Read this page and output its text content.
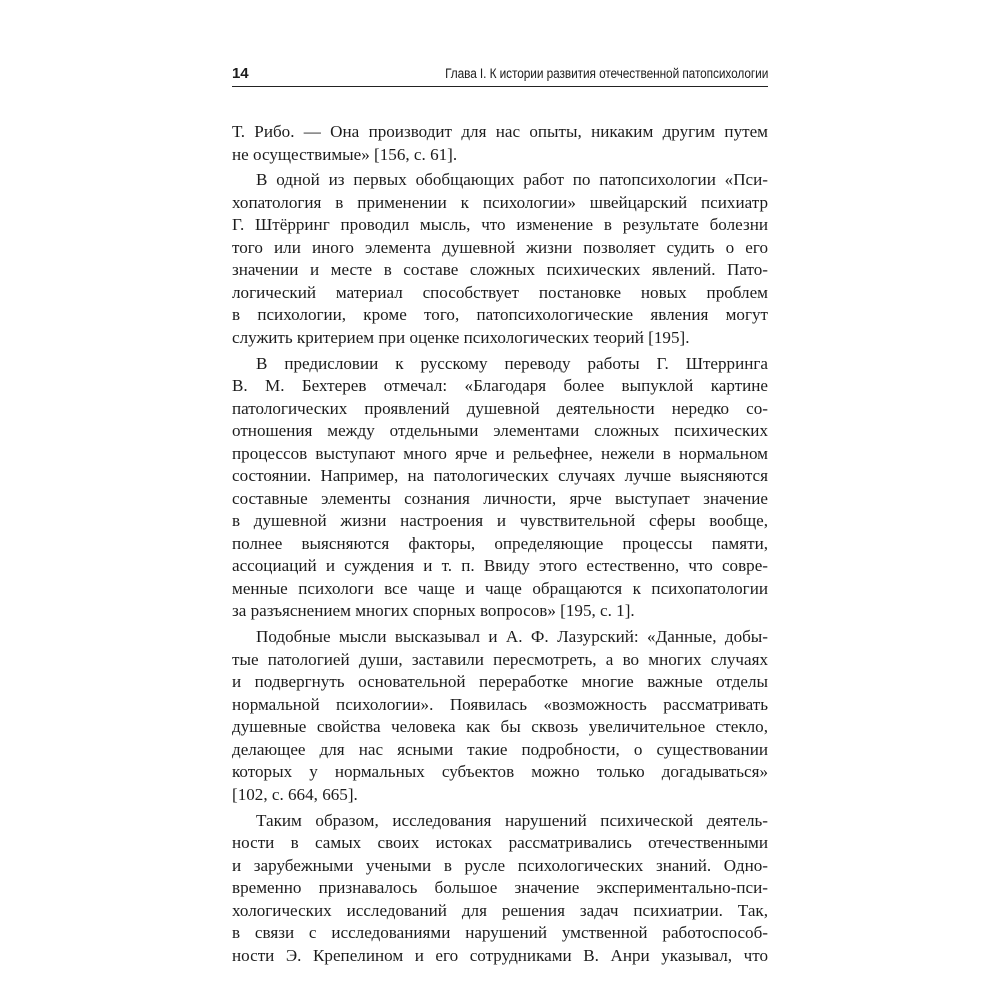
14	Глава I. К истории развития отечественной патопсихологии
Т. Рибо. — Она производит для нас опыты, никаким другим путем
не осуществимые» [156, с. 61].
В одной из первых обобщающих работ по патопсихологии «Пси-
хопатология в применении к психологии» швейцарский психиатр
Г. Штёрринг проводил мысль, что изменение в результате болезни
того или иного элемента душевной жизни позволяет судить о его
значении и месте в составе сложных психических явлений. Пато-
логический материал способствует постановке новых проблем
в психологии, кроме того, патопсихологические явления могут
служить критерием при оценке психологических теорий [195].
В предисловии к русскому переводу работы Г. Штерринга
В. М. Бехтерев отмечал: «Благодаря более выпуклой картине
патологических проявлений душевной деятельности нередко со-
отношения между отдельными элементами сложных психических
процессов выступают много ярче и рельефнее, нежели в нормальном
состоянии. Например, на патологических случаях лучше выясняются
составные элементы сознания личности, ярче выступает значение
в душевной жизни настроения и чувствительной сферы вообще,
полнее выясняются факторы, определяющие процессы памяти,
ассоциаций и суждения и т. п. Ввиду этого естественно, что совре-
менные психологи все чаще и чаще обращаются к психопатологии
за разъяснением многих спорных вопросов» [195, с. 1].
Подобные мысли высказывал и А. Ф. Лазурский: «Данные, добы-
тые патологией души, заставили пересмотреть, а во многих случаях
и подвергнуть основательной переработке многие важные отделы
нормальной психологии». Появилась «возможность рассматривать
душевные свойства человека как бы сквозь увеличительное стекло,
делающее для нас ясными такие подробности, о существовании
которых у нормальных субъектов можно только догадываться»
[102, с. 664, 665].
Таким образом, исследования нарушений психической деятель-
ности в самых своих истоках рассматривались отечественными
и зарубежными учеными в русле психологических знаний. Одно-
временно признавалось большое значение экспериментально-пси-
хологических исследований для решения задач психиатрии. Так,
в связи с исследованиями нарушений умственной работоспособ-
ности Э. Крепелином и его сотрудниками В. Анри указывал, что
